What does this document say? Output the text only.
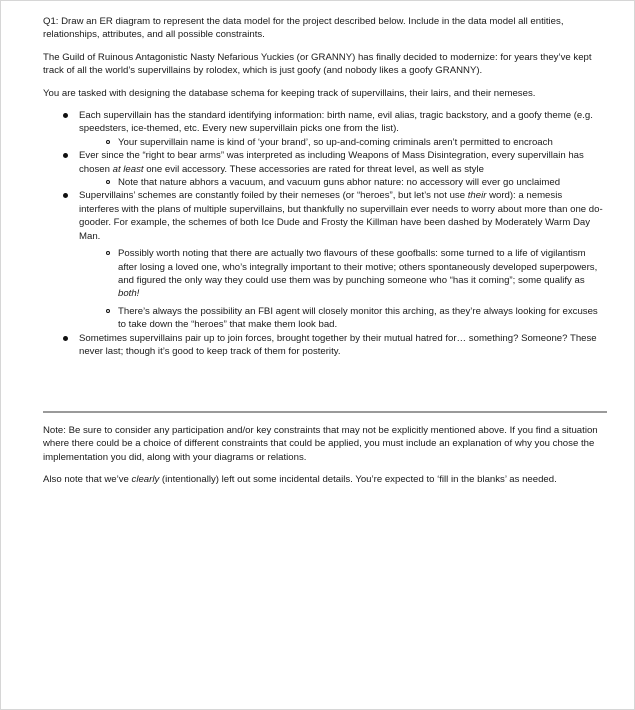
Q1: Draw an ER diagram to represent the data model for the project described below. Include in the data model all entities, relationships, attributes, and all possible constraints.

The Guild of Ruinous Antagonistic Nasty Nefarious Yuckies (or GRANNY) has finally decided to modernize: for years they’ve kept track of all the world’s supervillains by rolodex, which is just goofy (and nobody likes a goofy GRANNY).

You are tasked with designing the database schema for keeping track of supervillains, their lairs, and their nemeses.

Each supervillain has the standard identifying information: birth name, evil alias, tragic backstory, and a goofy theme (e.g. speedsters, ice-themed, etc. Every new supervillain picks one from the list).
Your supervillain name is kind of ‘your brand’, so up-and-coming criminals aren’t permitted to encroach
Ever since the “right to bear arms” was interpreted as including Weapons of Mass Disintegration, every supervillain has chosen at least one evil accessory. These accessories are rated for threat level, as well as style
Note that nature abhors a vacuum, and vacuum guns abhor nature: no accessory will ever go unclaimed
Supervillains’ schemes are constantly foiled by their nemeses (or “heroes”, but let’s not use their word): a nemesis interferes with the plans of multiple supervillains, but thankfully no supervillain ever needs to worry about more than one do-gooder. For example, the schemes of both Ice Dude and Frosty the Killman have been dashed by Moderately Warm Day Man.
Possibly worth noting that there are actually two flavours of these goofballs: some turned to a life of vigilantism after losing a loved one, who’s integrally important to their motive; others spontaneously developed superpowers, and figured the only way they could use them was by punching someone who “has it coming”; some qualify as both!
There’s always the possibility an FBI agent will closely monitor this arching, as they’re always looking for excuses to take down the “heroes” that make them look bad.
Sometimes supervillains pair up to join forces, brought together by their mutual hatred for… something? Someone? These never last; though it’s good to keep track of them for posterity.

Note: Be sure to consider any participation and/or key constraints that may not be explicitly mentioned above. If you find a situation where there could be a choice of different constraints that could be applied, you must include an explanation of why you chose the implementation you did, along with your diagrams or relations.

Also note that we’ve clearly (intentionally) left out some incidental details. You’re expected to ‘fill in the blanks’ as needed.
